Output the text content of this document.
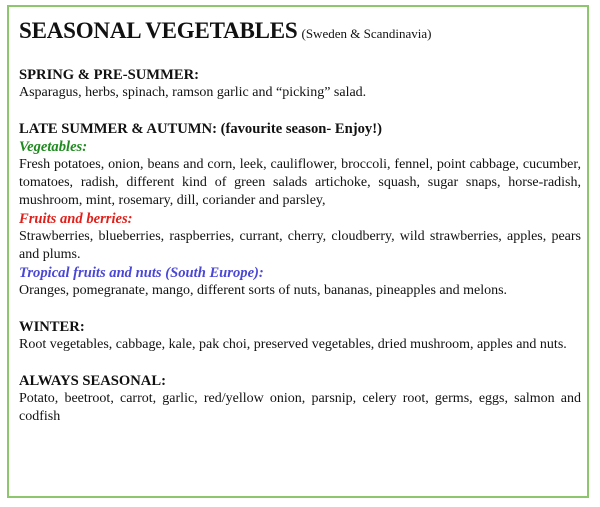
SEASONAL VEGETABLES (Sweden & Scandinavia)

SPRING & PRE-SUMMER:

Asparagus, herbs, spinach, ramson garlic and “picking” salad.

LATE SUMMER & AUTUMN: (favourite season- Enjoy!)

Vegetables:

Fresh potatoes, onion, beans and corn, leek, cauliflower, broccoli, fennel, point cabbage, cucumber, tomatoes, radish, different kind of green salads artichoke, squash, sugar snaps, horse-radish, mushroom, mint, rosemary, dill, coriander and parsley,

Fruits and berries:

Strawberries, blueberries, raspberries, currant, cherry, cloudberry, wild strawberries, apples, pears and plums.

Tropical fruits and nuts (South Europe):

Oranges, pomegranate, mango, different sorts of nuts, bananas, pineapples and melons.

WINTER:

Root vegetables, cabbage, kale, pak choi, preserved vegetables, dried mushroom, apples and nuts.

ALWAYS SEASONAL:

Potato, beetroot, carrot, garlic, red/yellow onion, parsnip, celery root, germs, eggs, salmon and codfish
